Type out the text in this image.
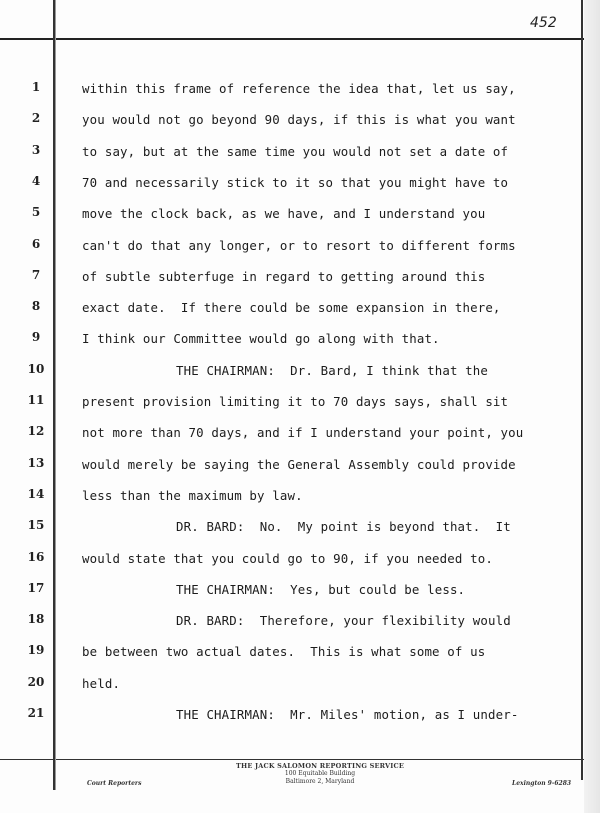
452
1	within this frame of reference the idea that, let us say,
2	you would not go beyond 90 days, if this is what you want
3	to say, but at the same time you would not set a date of
4	70 and necessarily stick to it so that you might have to
5	move the clock back, as we have, and I understand you
6	can't do that any longer, or to resort to different forms
7	of subtle subterfuge in regard to getting around this
8	exact date.  If there could be some expansion in there,
9	I think our Committee would go along with that.
10	THE CHAIRMAN:  Dr. Bard, I think that the
11	present provision limiting it to 70 days says, shall sit
12	not more than 70 days, and if I understand your point, you
13	would merely be saying the General Assembly could provide
14	less than the maximum by law.
15	DR. BARD:  No.  My point is beyond that.  It
16	would state that you could go to 90, if you needed to.
17	THE CHAIRMAN:  Yes, but could be less.
18	DR. BARD:  Therefore, your flexibility would
19	be between two actual dates.  This is what some of us
20	held.
21	THE CHAIRMAN:  Mr. Miles' motion, as I under-
THE JACK SALOMON REPORTING SERVICE
100 Equitable Building
Baltimore 2, Maryland
Court Reporters	Lexington 9-6283
